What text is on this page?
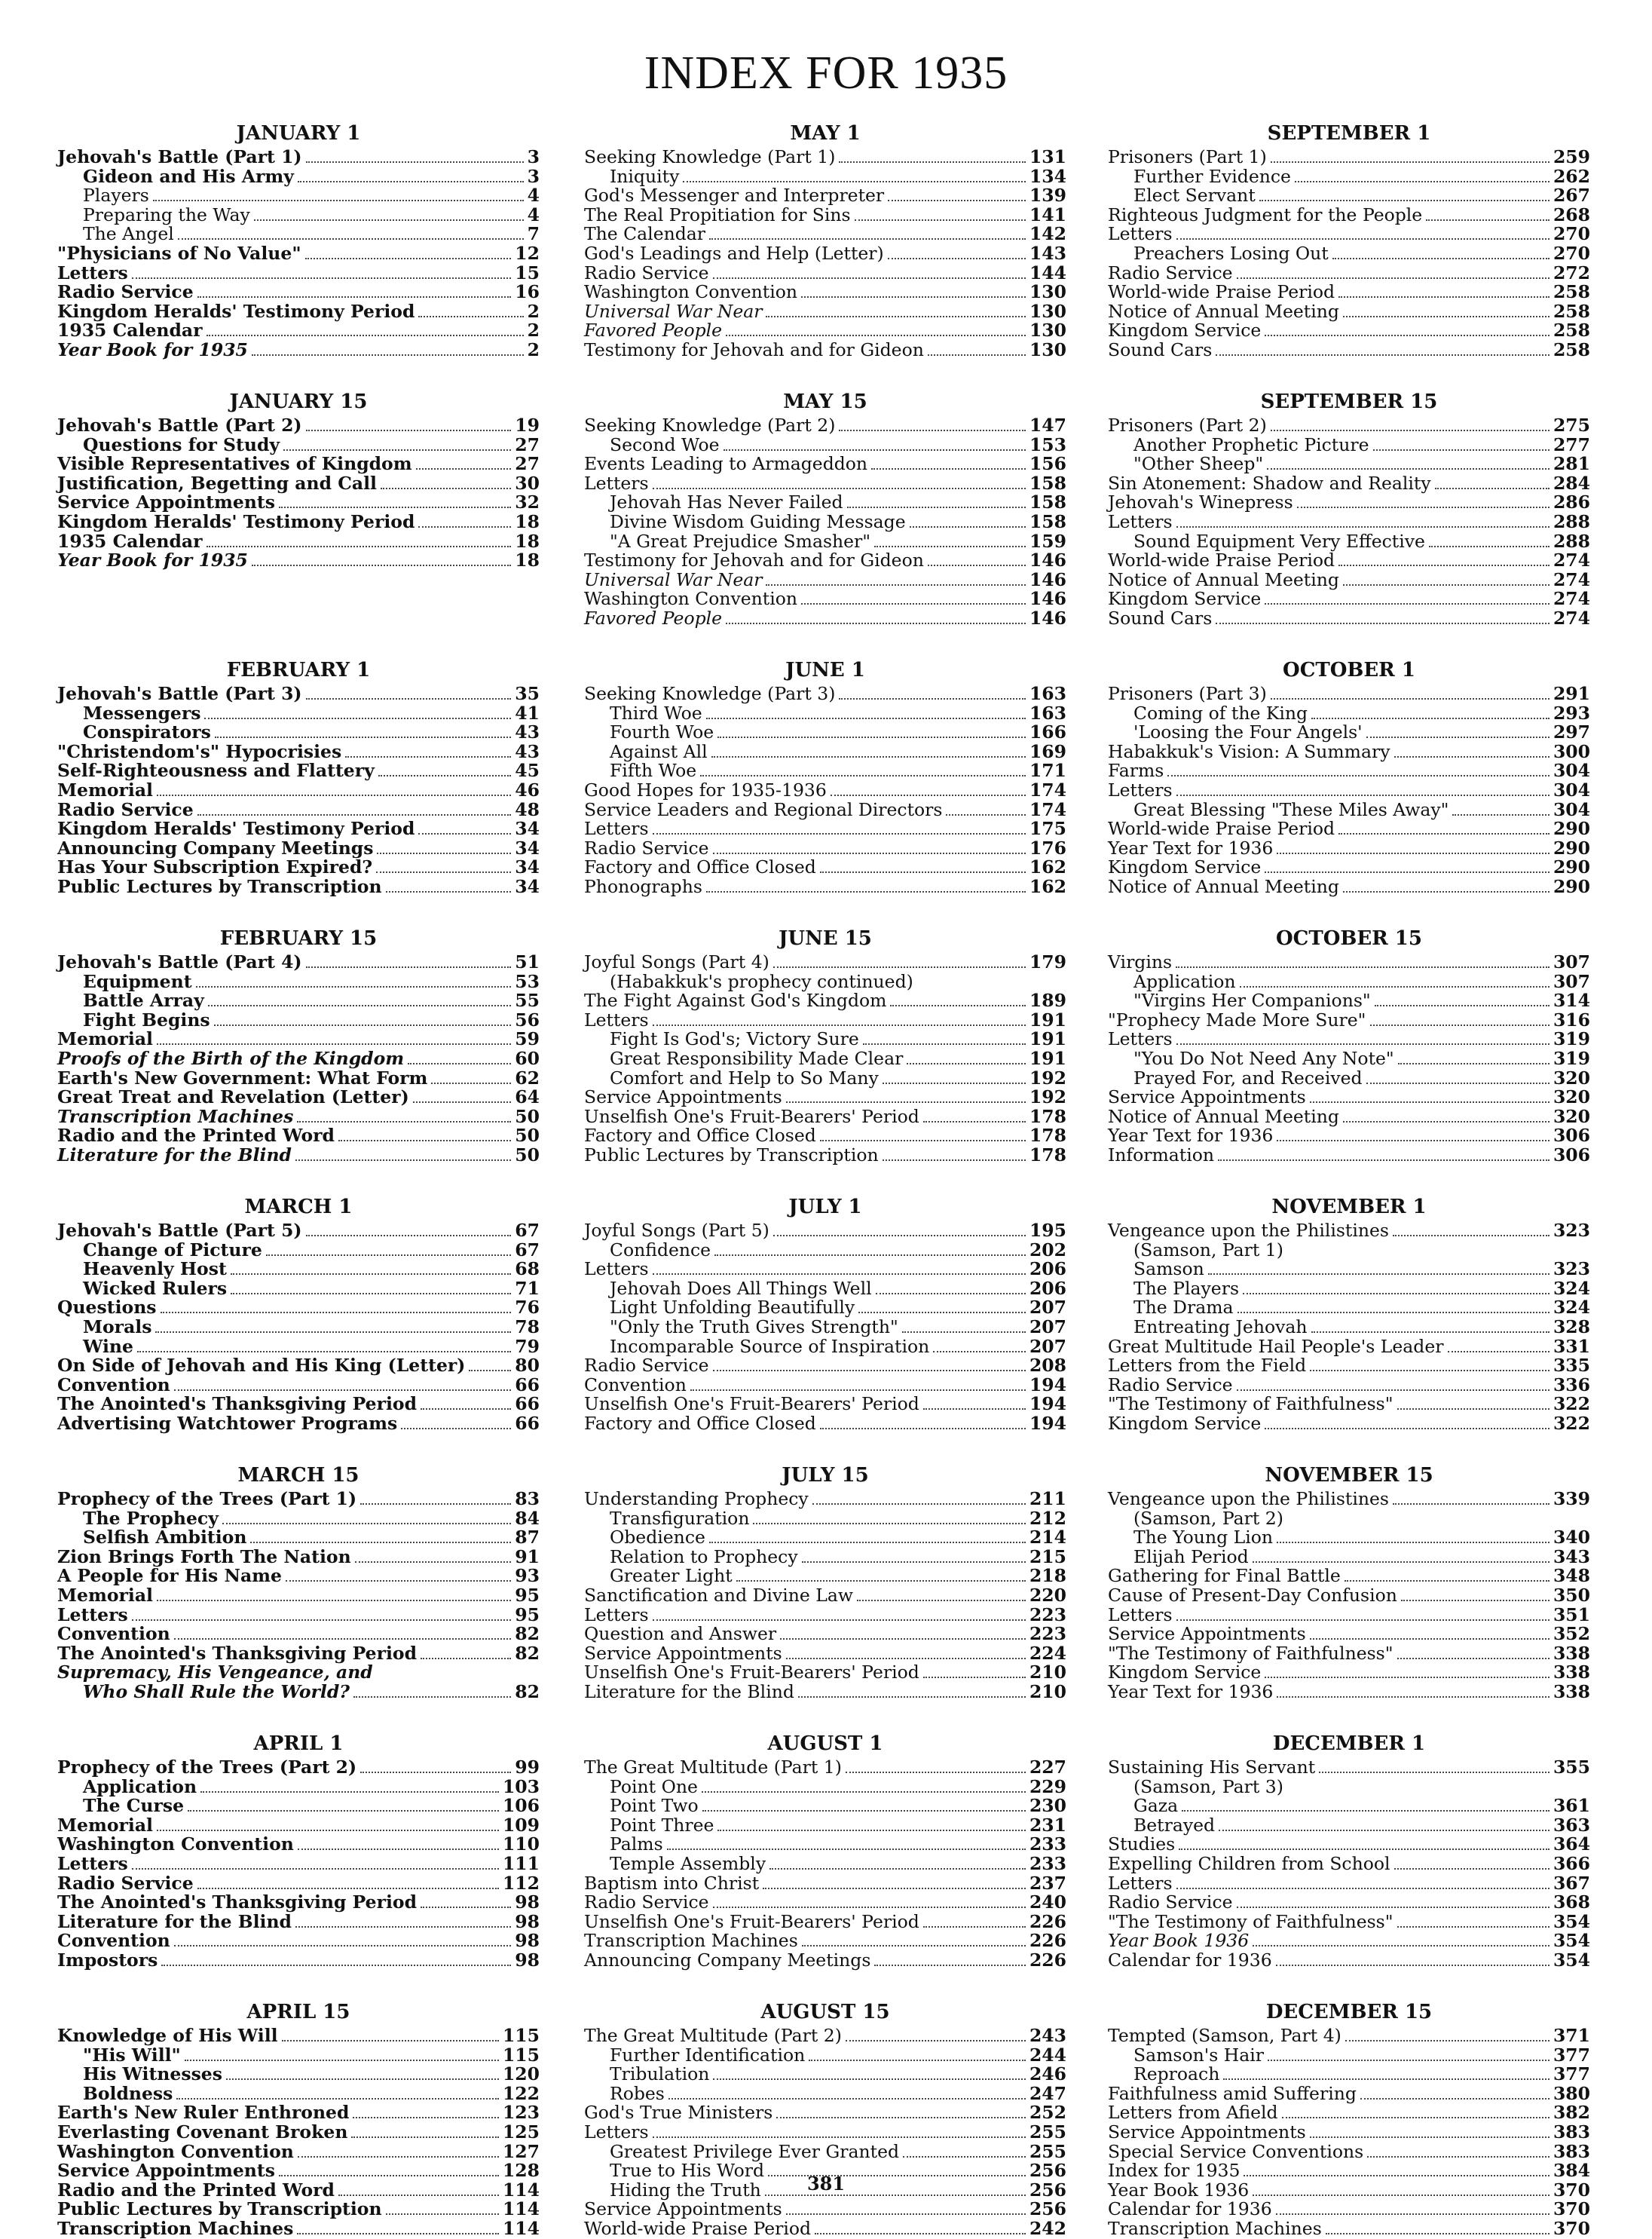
INDEX FOR 1935
JANUARY 1
Jehovah's Battle (Part 1)	3
Gideon and His Army	3
Players	4
Preparing the Way	4
The Angel	7
"Physicians of No Value"	12
Letters	15
Radio Service	16
Kingdom Heralds' Testimony Period	2
1935 Calendar	2
Year Book for 1935	2
JANUARY 15
Jehovah's Battle (Part 2)	19
Questions for Study	27
Visible Representatives of Kingdom	27
Justification, Begetting and Call	30
Service Appointments	32
Kingdom Heralds' Testimony Period	18
1935 Calendar	18
Year Book for 1935	18
FEBRUARY 1
Jehovah's Battle (Part 3)	35
Messengers	41
Conspirators	43
"Christendom's" Hypocrisies	43
Self-Righteousness and Flattery	45
Memorial	46
Radio Service	48
Kingdom Heralds' Testimony Period	34
Announcing Company Meetings	34
Has Your Subscription Expired?	34
Public Lectures by Transcription	34
FEBRUARY 15
Jehovah's Battle (Part 4)	51
Equipment	53
Battle Array	55
Fight Begins	56
Memorial	59
Proofs of the Birth of the Kingdom	60
Earth's New Government: What Form	62
Great Treat and Revelation (Letter)	64
Transcription Machines	50
Radio and the Printed Word	50
Literature for the Blind	50
MARCH 1
Jehovah's Battle (Part 5)	67
Change of Picture	67
Heavenly Host	68
Wicked Rulers	71
Questions	76
Morals	78
Wine	79
On Side of Jehovah and His King (Letter)	80
Convention	66
The Anointed's Thanksgiving Period	66
Advertising Watchtower Programs	66
MARCH 15
Prophecy of the Trees (Part 1)	83
The Prophecy	84
Selfish Ambition	87
Zion Brings Forth The Nation	91
A People for His Name	93
Memorial	95
Letters	95
Convention	82
The Anointed's Thanksgiving Period	82
Supremacy, His Vengeance, and
Who Shall Rule the World?	82
APRIL 1
Prophecy of the Trees (Part 2)	99
Application	103
The Curse	106
Memorial	109
Washington Convention	110
Letters	111
Radio Service	112
The Anointed's Thanksgiving Period	98
Literature for the Blind	98
Convention	98
Impostors	98
APRIL 15
Knowledge of His Will	115
"His Will"	115
His Witnesses	120
Boldness	122
Earth's New Ruler Enthroned	123
Everlasting Covenant Broken	125
Washington Convention	127
Service Appointments	128
Radio and the Printed Word	114
Public Lectures by Transcription	114
Transcription Machines	114
MAY 1
Seeking Knowledge (Part 1)	131
Iniquity	134
God's Messenger and Interpreter	139
The Real Propitiation for Sins	141
The Calendar	142
God's Leadings and Help (Letter)	143
Radio Service	144
Washington Convention	130
Universal War Near	130
Favored People	130
Testimony for Jehovah and for Gideon	130
MAY 15
Seeking Knowledge (Part 2)	147
Second Woe	153
Events Leading to Armageddon	156
Letters	158
Jehovah Has Never Failed	158
Divine Wisdom Guiding Message	158
"A Great Prejudice Smasher"	159
Testimony for Jehovah and for Gideon	146
Universal War Near	146
Washington Convention	146
Favored People	146
JUNE 1
Seeking Knowledge (Part 3)	163
Third Woe	163
Fourth Woe	166
Against All	169
Fifth Woe	171
Good Hopes for 1935-1936	174
Service Leaders and Regional Directors	174
Letters	175
Radio Service	176
Factory and Office Closed	162
Phonographs	162
JUNE 15
Joyful Songs (Part 4)	179
(Habakkuk's prophecy continued)
The Fight Against God's Kingdom	189
Letters	191
Fight Is God's; Victory Sure	191
Great Responsibility Made Clear	191
Comfort and Help to So Many	192
Service Appointments	192
Unselfish One's Fruit-Bearers' Period	178
Factory and Office Closed	178
Public Lectures by Transcription	178
JULY 1
Joyful Songs (Part 5)	195
Confidence	202
Letters	206
Jehovah Does All Things Well	206
Light Unfolding Beautifully	207
"Only the Truth Gives Strength"	207
Incomparable Source of Inspiration	207
Radio Service	208
Convention	194
Unselfish One's Fruit-Bearers' Period	194
Factory and Office Closed	194
JULY 15
Understanding Prophecy	211
Transfiguration	212
Obedience	214
Relation to Prophecy	215
Greater Light	218
Sanctification and Divine Law	220
Letters	223
Question and Answer	223
Service Appointments	224
Unselfish One's Fruit-Bearers' Period	210
Literature for the Blind	210
AUGUST 1
The Great Multitude (Part 1)	227
Point One	229
Point Two	230
Point Three	231
Palms	233
Temple Assembly	233
Baptism into Christ	237
Radio Service	240
Unselfish One's Fruit-Bearers' Period	226
Transcription Machines	226
Announcing Company Meetings	226
AUGUST 15
The Great Multitude (Part 2)	243
Further Identification	244
Tribulation	246
Robes	247
God's True Ministers	252
Letters	255
Greatest Privilege Ever Granted	255
True to His Word	256
Hiding the Truth	256
Service Appointments	256
World-wide Praise Period	242
SEPTEMBER 1
Prisoners (Part 1)	259
Further Evidence	262
Elect Servant	267
Righteous Judgment for the People	268
Letters	270
Preachers Losing Out	270
Radio Service	272
World-wide Praise Period	258
Notice of Annual Meeting	258
Kingdom Service	258
Sound Cars	258
SEPTEMBER 15
Prisoners (Part 2)	275
Another Prophetic Picture	277
"Other Sheep"	281
Sin Atonement: Shadow and Reality	284
Jehovah's Winepress	286
Letters	288
Sound Equipment Very Effective	288
World-wide Praise Period	274
Notice of Annual Meeting	274
Kingdom Service	274
Sound Cars	274
OCTOBER 1
Prisoners (Part 3)	291
Coming of the King	293
'Loosing the Four Angels'	297
Habakkuk's Vision: A Summary	300
Farms	304
Letters	304
Great Blessing "These Miles Away"	304
World-wide Praise Period	290
Year Text for 1936	290
Kingdom Service	290
Notice of Annual Meeting	290
OCTOBER 15
Virgins	307
Application	307
"Virgins Her Companions"	314
"Prophecy Made More Sure"	316
Letters	319
"You Do Not Need Any Note"	319
Prayed For, and Received	320
Service Appointments	320
Notice of Annual Meeting	320
Year Text for 1936	306
Information	306
NOVEMBER 1
Vengeance upon the Philistines	323
(Samson, Part 1)
Samson	323
The Players	324
The Drama	324
Entreating Jehovah	328
Great Multitude Hail People's Leader	331
Letters from the Field	335
Radio Service	336
"The Testimony of Faithfulness"	322
Kingdom Service	322
NOVEMBER 15
Vengeance upon the Philistines	339
(Samson, Part 2)
The Young Lion	340
Elijah Period	343
Gathering for Final Battle	348
Cause of Present-Day Confusion	350
Letters	351
Service Appointments	352
"The Testimony of Faithfulness"	338
Kingdom Service	338
Year Text for 1936	338
DECEMBER 1
Sustaining His Servant	355
(Samson, Part 3)
Gaza	361
Betrayed	363
Studies	364
Expelling Children from School	366
Letters	367
Radio Service	368
"The Testimony of Faithfulness"	354
Year Book 1936	354
Calendar for 1936	354
DECEMBER 15
Tempted (Samson, Part 4)	371
Samson's Hair	377
Reproach	377
Faithfulness amid Suffering	380
Letters from Afield	382
Service Appointments	383
Special Service Conventions	383
Index for 1935	384
Year Book 1936	370
Calendar for 1936	370
Transcription Machines	370
381
